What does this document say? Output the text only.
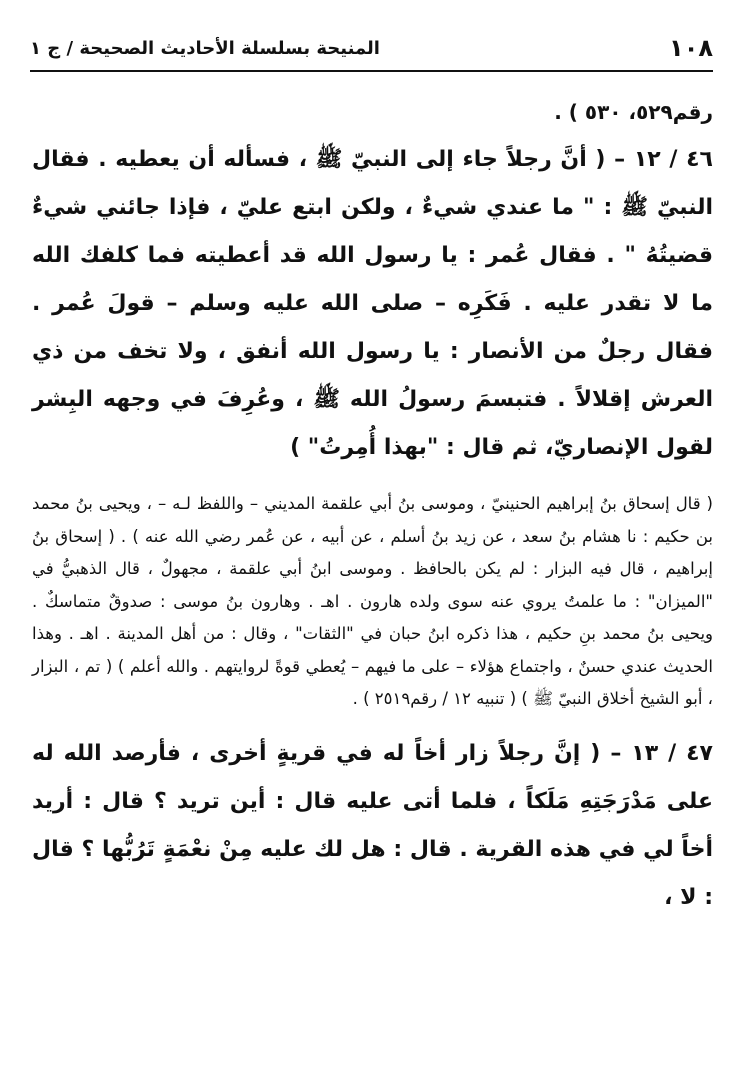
١٠٨
المنيحة بسلسلة الأحاديث الصحيحة / ج ١

رقم٥٢٩، ٥٣٠ ) .

٤٦ / ١٢ – ( أنَّ رجلاً جاء إلى النبيّ ﷺ ، فسأله أن يعطيه . فقال النبيّ ﷺ : " ما عندي شيءٌ ، ولكن ابتع عليّ ، فإذا جائني شيءٌ قضيتُهُ " . فقال عُمر : يا رسول الله قد أعطيته فما كلفك الله ما لا تقدر عليه . فَكَرِه – صلى الله عليه وسلم – قولَ عُمر . فقال رجلٌ من الأنصار : يا رسول الله أنفق ، ولا تخف من ذي العرش إقلالاً . فتبسمَ رسولُ الله ﷺ ، وعُرِفَ في وجهه البِشر لقول الإنصاريّ، ثم قال : "بهذا أُمِرتُ" )

( قال إسحاق بنُ إبراهيم الحنينيّ ، وموسى بنُ أبي علقمة المديني – واللفظ لـه – ، ويحيى بنُ محمد بن حكيم : نا هشام بنُ سعد ، عن زيد بنُ أسلم ، عن أبيه ، عن عُمر رضي الله عنه ) . ( إسحاق بنُ إبراهيم ، قال فيه البزار : لم يكن بالحافظ . وموسى ابنُ أبي علقمة ، مجهولٌ ، قال الذهبيُّ في "الميزان" : ما علمتُ يروي عنه سوى ولده هارون . اهـ . وهارون بنُ موسى : صدوقٌ متماسكٌ . ويحيى بنُ محمد بنِ حكيم ، هذا ذكره ابنُ حبان في "الثقات" ، وقال : من أهل المدينة . اهـ . وهذا الحديث عندي حسنٌ ، واجتماع هؤلاء – على ما فيهم – يُعطي قوةً لروايتهم . والله أعلم ) ( تم ، البزار ، أبو الشيخ أخلاق النبيّ ﷺ ) ( تنبيه ١٢ / رقم٢٥١٩ ) .

٤٧ / ١٣ – ( إنَّ رجلاً زار أخاً له في قريةٍ أخرى ، فأرصد الله له على مَدْرَجَتِهِ مَلَكاً ، فلما أتى عليه قال : أين تريد ؟ قال : أريد أخاً لي في هذه القرية . قال : هل لك عليه مِنْ نعْمَةٍ تَرُبُّها ؟ قال : لا ،
